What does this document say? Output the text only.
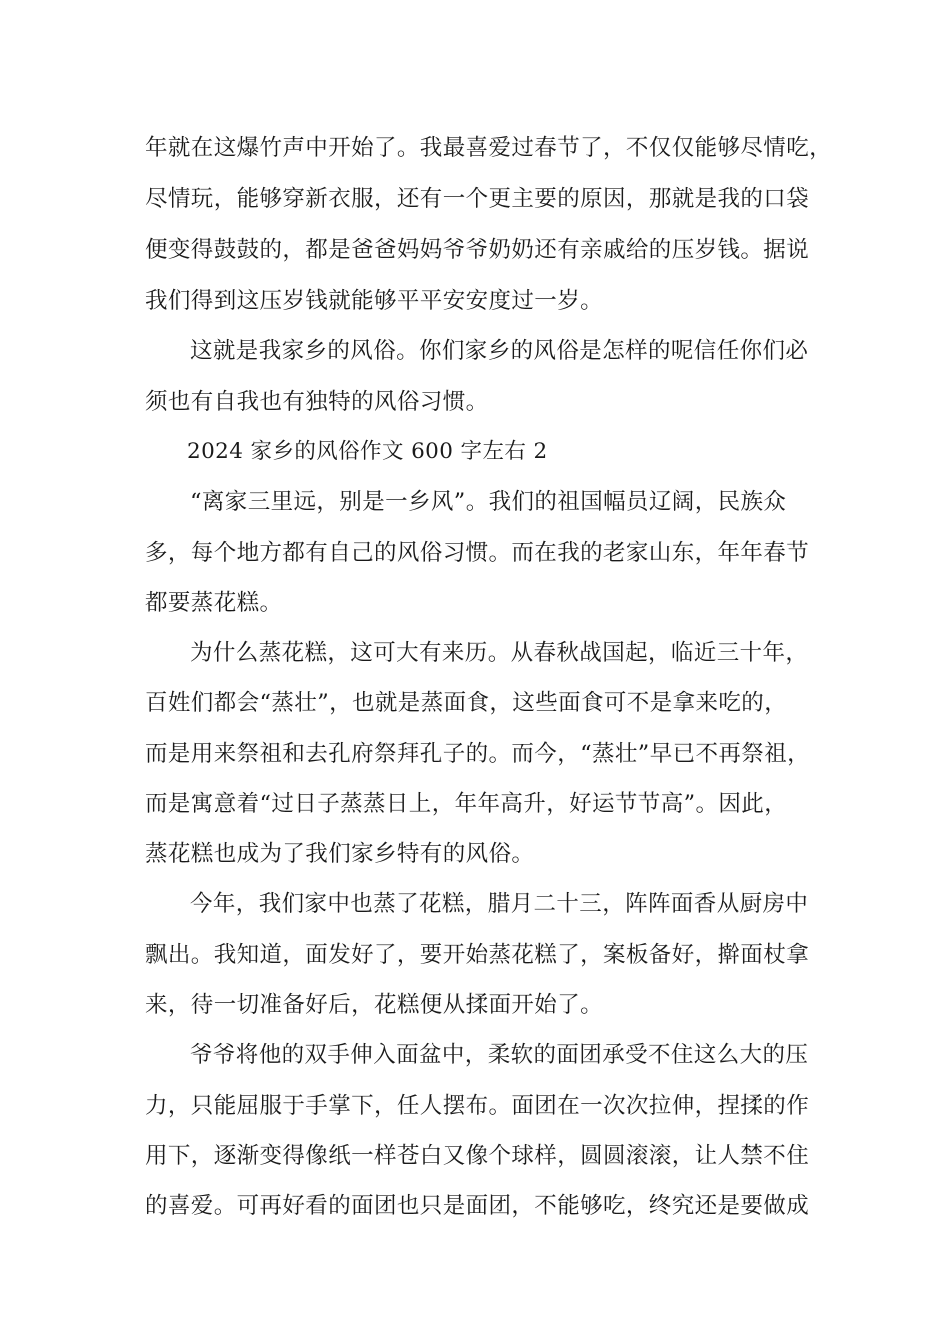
年就在这爆竹声中开始了。我最喜爱过春节了，不仅仅能够尽情吃，

尽情玩，能够穿新衣服，还有一个更主要的原因，那就是我的口袋

便变得鼓鼓的，都是爸爸妈妈爷爷奶奶还有亲戚给的压岁钱。据说

我们得到这压岁钱就能够平平安安度过一岁。

这就是我家乡的风俗。你们家乡的风俗是怎样的呢信任你们必

须也有自我也有独特的风俗习惯。

2024 家乡的风俗作文 600 字左右 2

“离家三里远，别是一乡风”。我们的祖国幅员辽阔，民族众

多，每个地方都有自己的风俗习惯。而在我的老家山东，年年春节

都要蒸花糕。

为什么蒸花糕，这可大有来历。从春秋战国起，临近三十年，

百姓们都会“蒸壮”，也就是蒸面食，这些面食可不是拿来吃的，

而是用来祭祖和去孔府祭拜孔子的。而今，“蒸壮”早已不再祭祖，

而是寓意着“过日子蒸蒸日上，年年高升，好运节节高”。因此，

蒸花糕也成为了我们家乡特有的风俗。

今年，我们家中也蒸了花糕，腊月二十三，阵阵面香从厨房中

飘出。我知道，面发好了，要开始蒸花糕了，案板备好，擀面杖拿

来，待一切准备好后，花糕便从揉面开始了。

爷爷将他的双手伸入面盆中，柔软的面团承受不住这么大的压

力，只能屈服于手掌下，任人摆布。面团在一次次拉伸，捏揉的作

用下，逐渐变得像纸一样苍白又像个球样，圆圆滚滚，让人禁不住

的喜爱。可再好看的面团也只是面团，不能够吃，终究还是要做成
